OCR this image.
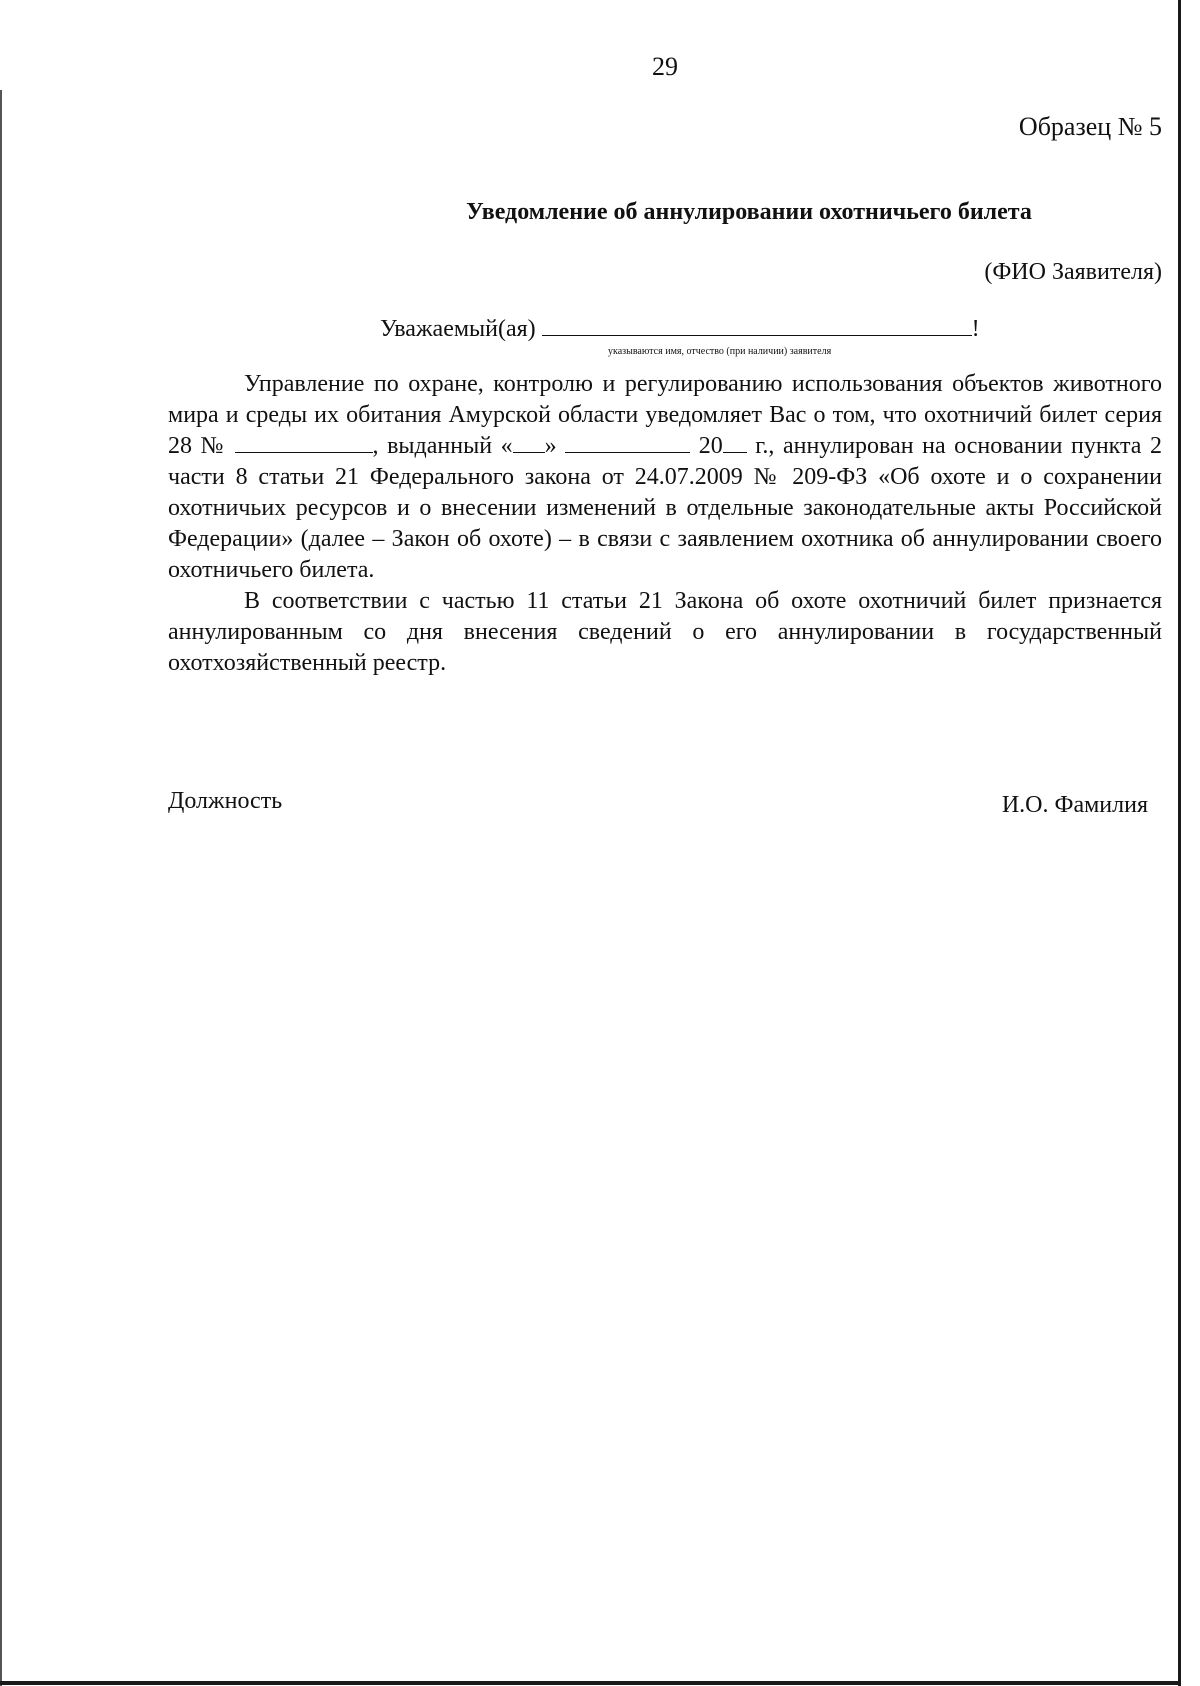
29
Образец № 5
Уведомление об аннулировании охотничьего билета
(ФИО Заявителя)
Уважаемый(ая)	!
указываются имя, отчество (при наличии) заявителя

Управление по охране, контролю и регулированию использования объектов животного мира и среды их обитания Амурской области уведомляет Вас о том, что охотничий билет серия 28 №	, выданный « »	20 г., аннулирован на основании пункта 2 части 8 статьи 21 Федерального закона от 24.07.2009 № 209-ФЗ «Об охоте и о сохранении охотничьих ресурсов и о внесении изменений в отдельные законодательные акты Российской Федерации» (далее – Закон об охоте) – в связи с заявлением охотника об аннулировании своего охотничьего билета.

В соответствии с частью 11 статьи 21 Закона об охоте охотничий билет признается аннулированным со дня внесения сведений о его аннулировании в государственный охотхозяйственный реестр.

Должность	И.О. Фамилия
